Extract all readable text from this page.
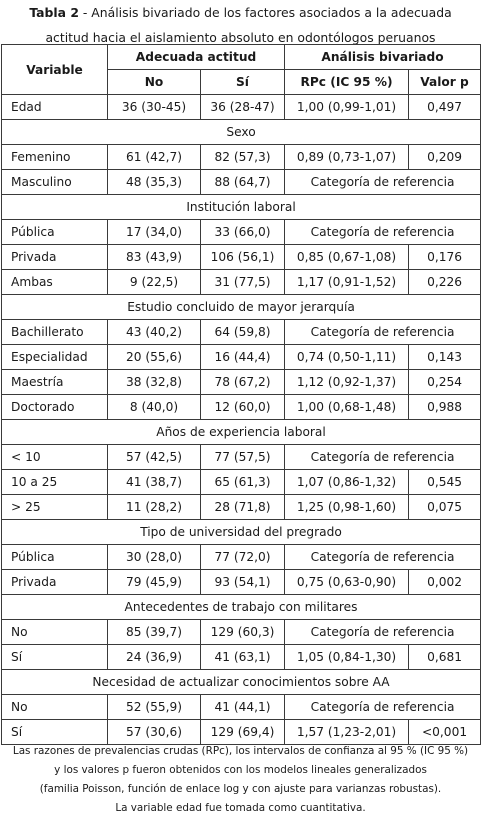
Tabla 2 - Análisis bivariado de los factores asociados a la adecuada
actitud hacia el aislamiento absoluto en odontólogos peruanos
Variable	Adecuada actitud		Análisis bivariado	
	No	Sí	RPc (IC 95 %)	Valor p
Edad	36 (30-45)	36 (28-47)	1,00 (0,99-1,01)	0,497
Sexo				
Femenino	61 (42,7)	82 (57,3)	0,89 (0,73-1,07)	0,209
Masculino	48 (35,3)	88 (64,7)	Categoría de referencia	
Institución laboral				
Pública	17 (34,0)	33 (66,0)	Categoría de referencia	
Privada	83 (43,9)	106 (56,1)	0,85 (0,67-1,08)	0,176
Ambas	9 (22,5)	31 (77,5)	1,17 (0,91-1,52)	0,226
Estudio concluido de mayor jerarquía				
Bachillerato	43 (40,2)	64 (59,8)	Categoría de referencia	
Especialidad	20 (55,6)	16 (44,4)	0,74 (0,50-1,11)	0,143
Maestría	38 (32,8)	78 (67,2)	1,12 (0,92-1,37)	0,254
Doctorado	8 (40,0)	12 (60,0)	1,00 (0,68-1,48)	0,988
Años de experiencia laboral				
< 10	57 (42,5)	77 (57,5)	Categoría de referencia	
10 a 25	41 (38,7)	65 (61,3)	1,07 (0,86-1,32)	0,545
> 25	11 (28,2)	28 (71,8)	1,25 (0,98-1,60)	0,075
Tipo de universidad del pregrado				
Pública	30 (28,0)	77 (72,0)	Categoría de referencia	
Privada	79 (45,9)	93 (54,1)	0,75 (0,63-0,90)	0,002
Antecedentes de trabajo con militares				
No	85 (39,7)	129 (60,3)	Categoría de referencia	
Sí	24 (36,9)	41 (63,1)	1,05 (0,84-1,30)	0,681
Necesidad de actualizar conocimientos sobre AA				
No	52 (55,9)	41 (44,1)	Categoría de referencia	
Sí	57 (30,6)	129 (69,4)	1,57 (1,23-2,01)	<0,001
Las razones de prevalencias crudas (RPc), los intervalos de confianza al 95 % (IC 95 %)
y los valores p fueron obtenidos con los modelos lineales generalizados
(familia Poisson, función de enlace log y con ajuste para varianzas robustas).
La variable edad fue tomada como cuantitativa.
